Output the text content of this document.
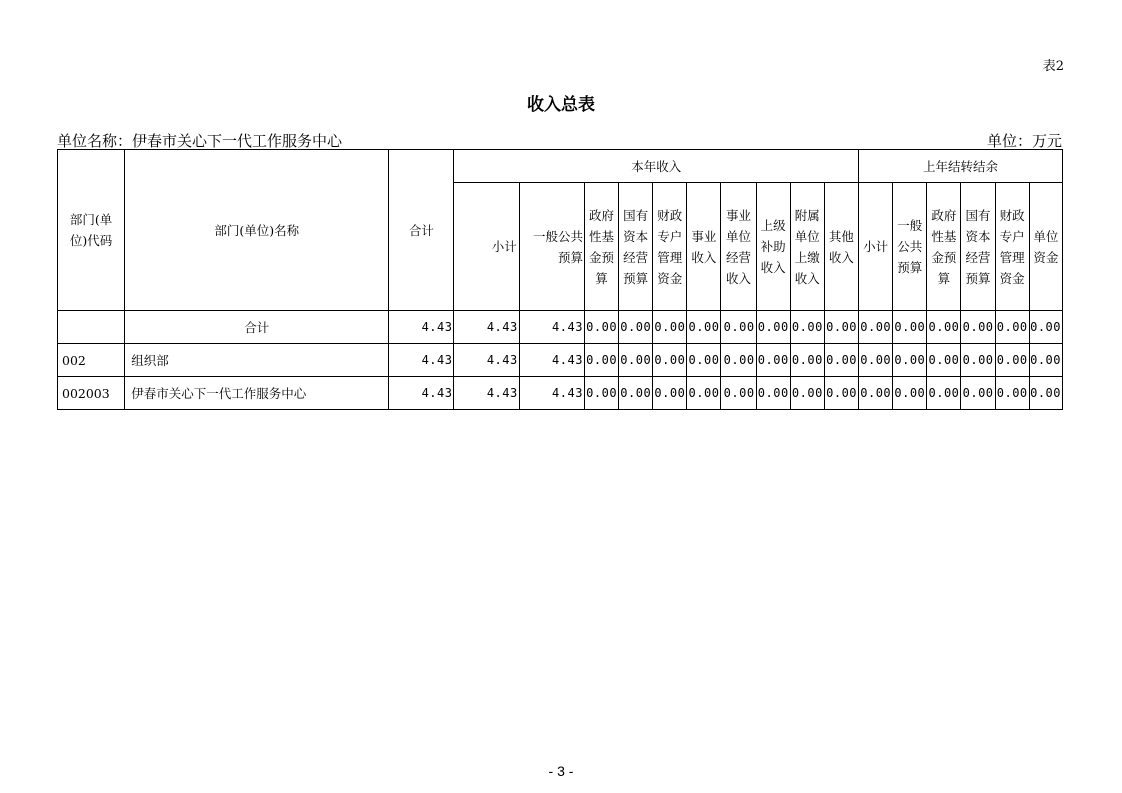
表2
收入总表
单位名称：伊春市关心下一代工作服务中心	单位：万元
部门(单位)代码	部门(单位)名称	合计	本年收入										上年结转结余					
			小计	一般公共预算	政府性基金预算	国有资本经营预算	财政专户管理资金	事业收入	事业单位经营收入	上级补助收入	附属单位上缴收入	其他收入	小计	一般公共预算	政府性基金预算	国有资本经营预算	财政专户管理资金	单位资金
	合计	4.43	4.43	4.43	0.00	0.00	0.00	0.00	0.00	0.00	0.00	0.00	0.00	0.00	0.00	0.00	0.00	0.00
002	组织部	4.43	4.43	4.43	0.00	0.00	0.00	0.00	0.00	0.00	0.00	0.00	0.00	0.00	0.00	0.00	0.00	0.00
002003	伊春市关心下一代工作服务中心	4.43	4.43	4.43	0.00	0.00	0.00	0.00	0.00	0.00	0.00	0.00	0.00	0.00	0.00	0.00	0.00	0.00
- 3 -
